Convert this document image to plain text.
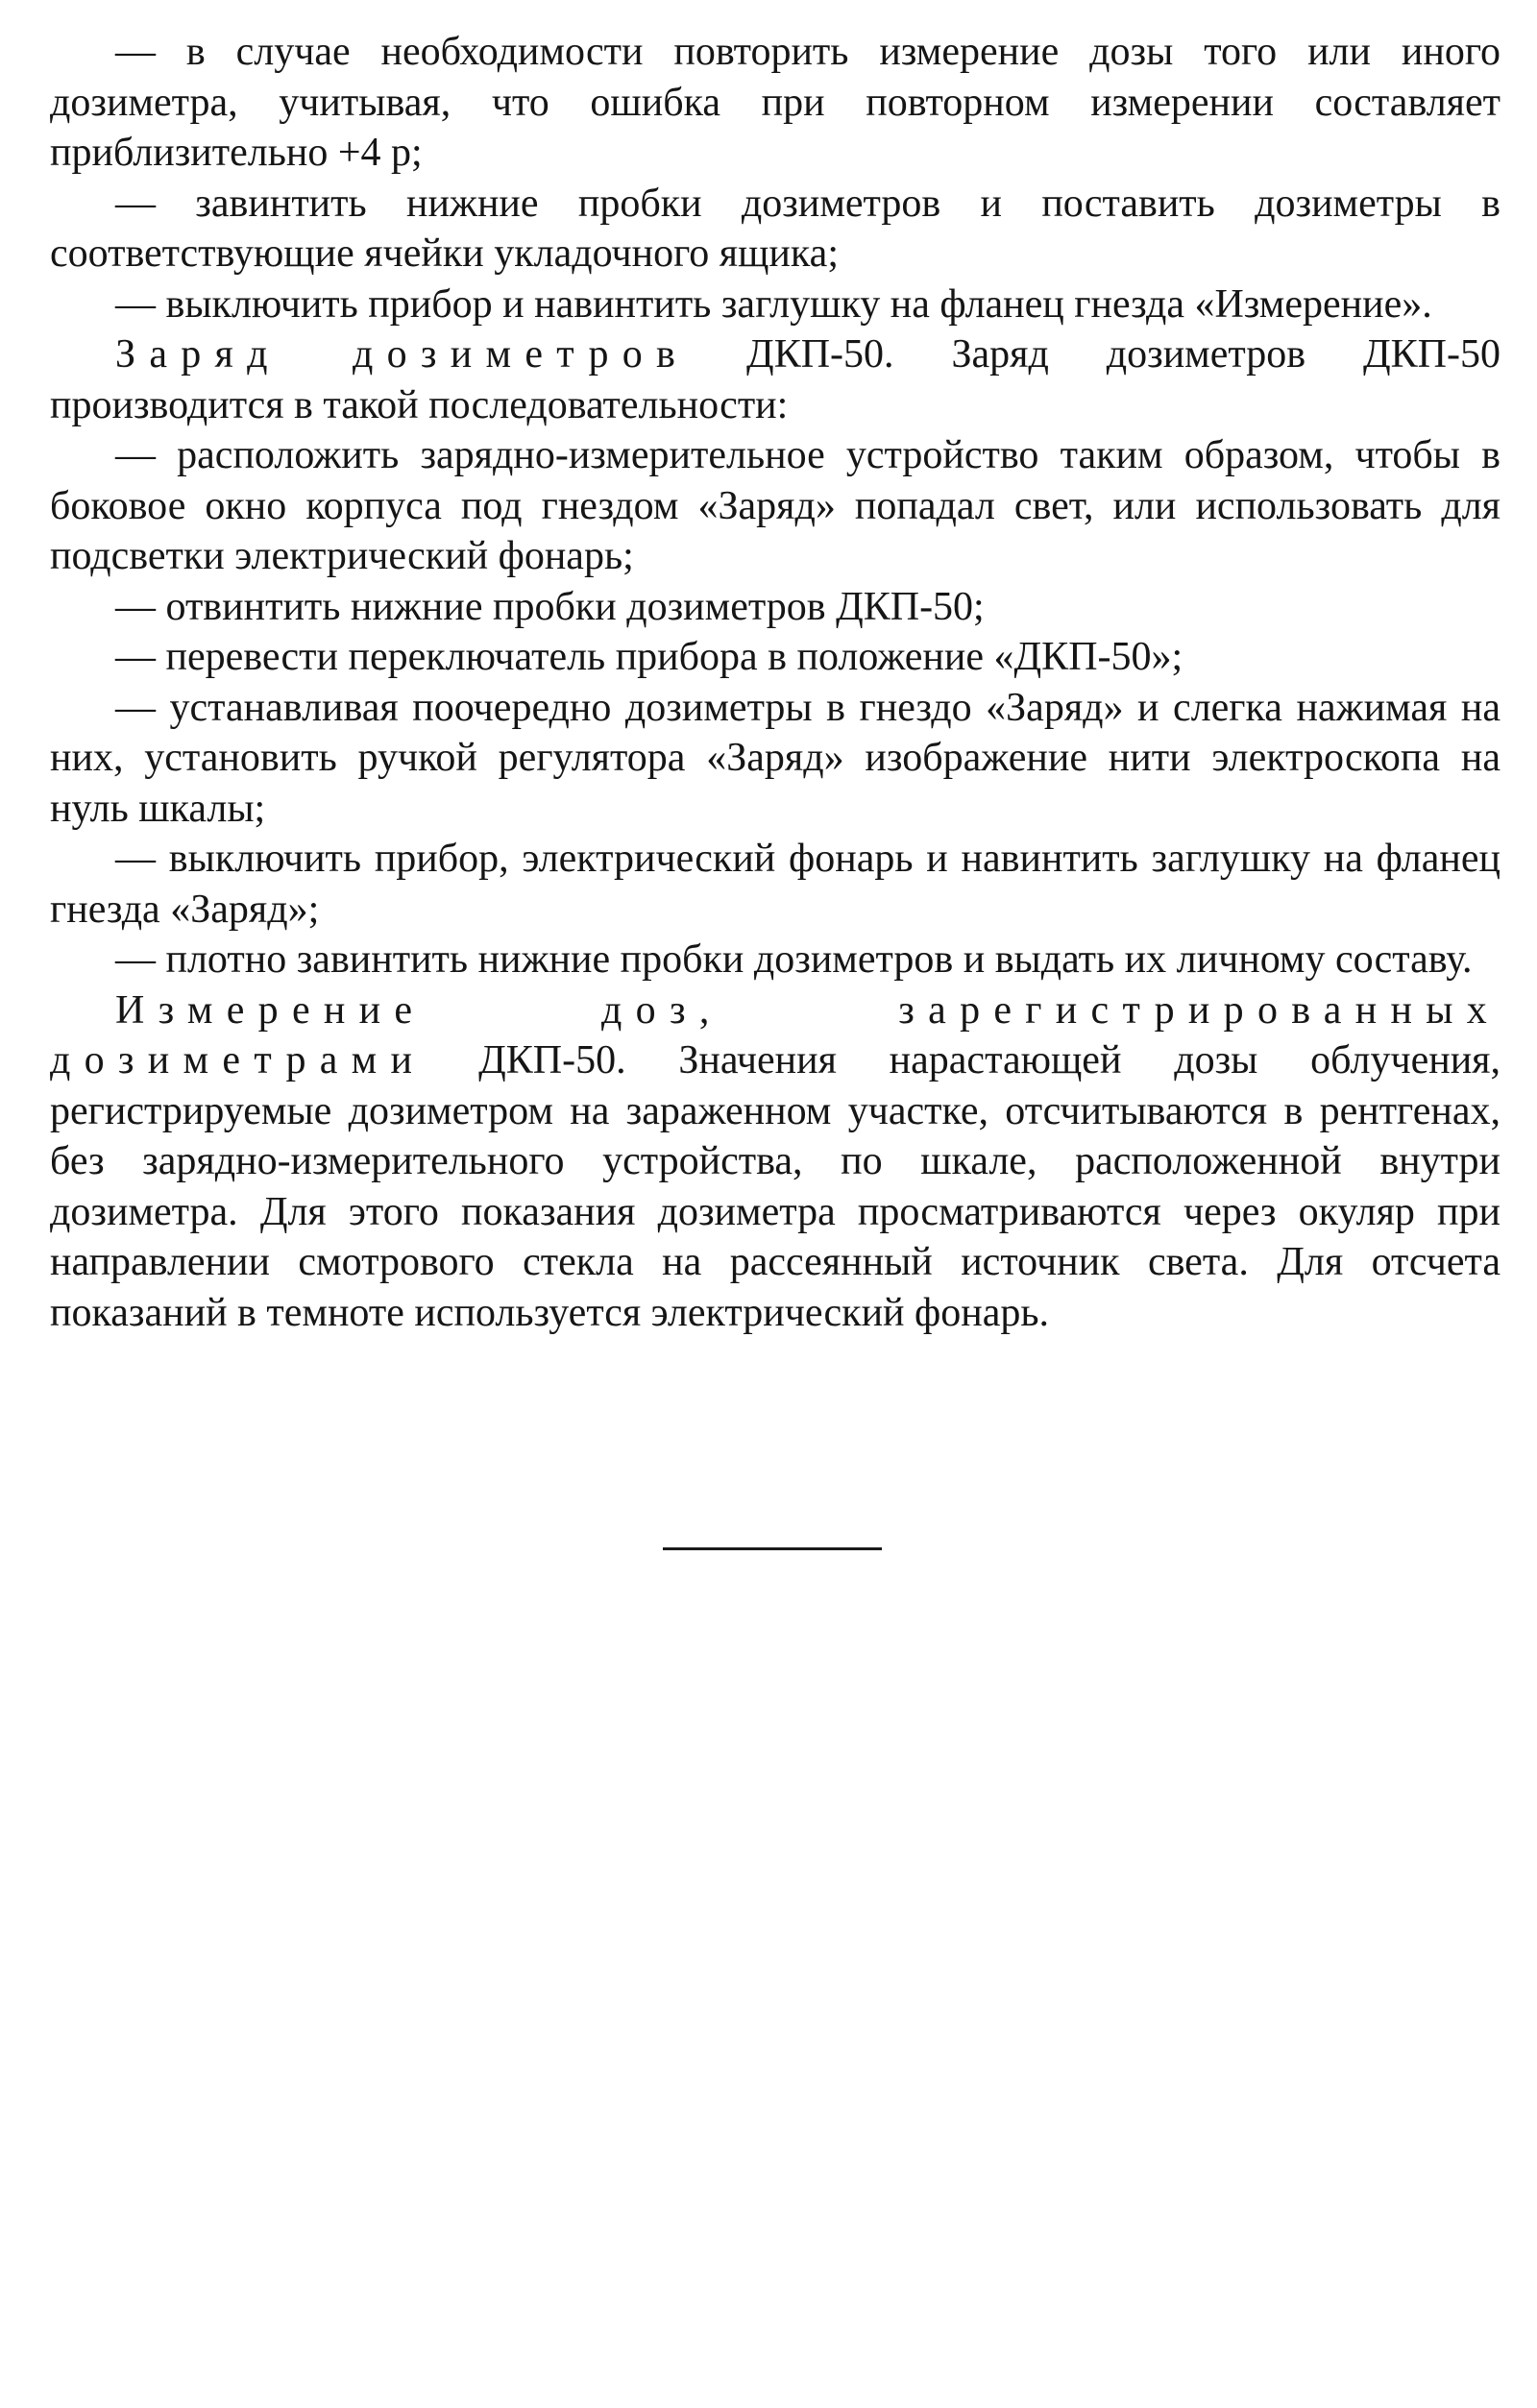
— в случае необходимости повторить измерение дозы того или иного дозиметра, учитывая, что ошибка при повторном измерении составляет приблизительно +4 р;

— завинтить нижние пробки дозиметров и поставить дозиметры в соответствующие ячейки укладочного ящика;

— выключить прибор и навинтить заглушку на фланец гнезда «Измерение».

Заряд дозиметров ДКП-50. Заряд дозиметров ДКП-50 производится в такой последовательности:

— расположить зарядно-измерительное устройство таким образом, чтобы в боковое окно корпуса под гнездом «Заряд» попадал свет, или использовать для подсветки электрический фонарь;

— отвинтить нижние пробки дозиметров ДКП-50;

— перевести переключатель прибора в положение «ДКП-50»;

— устанавливая поочередно дозиметры в гнездо «Заряд» и слегка нажимая на них, установить ручкой регулятора «Заряд» изображение нити электроскопа на нуль шкалы;

— выключить прибор, электрический фонарь и навинтить заглушку на фланец гнезда «Заряд»;

— плотно завинтить нижние пробки дозиметров и выдать их личному составу.

Измерение доз, зарегистрированных дозиметрами ДКП-50. Значения нарастающей дозы облучения, регистрируемые дозиметром на зараженном участке, отсчитываются в рентгенах, без зарядно-измерительного устройства, по шкале, расположенной внутри дозиметра. Для этого показания дозиметра просматриваются через окуляр при направлении смотрового стекла на рассеянный источник света. Для отсчета показаний в темноте используется электрический фонарь.
